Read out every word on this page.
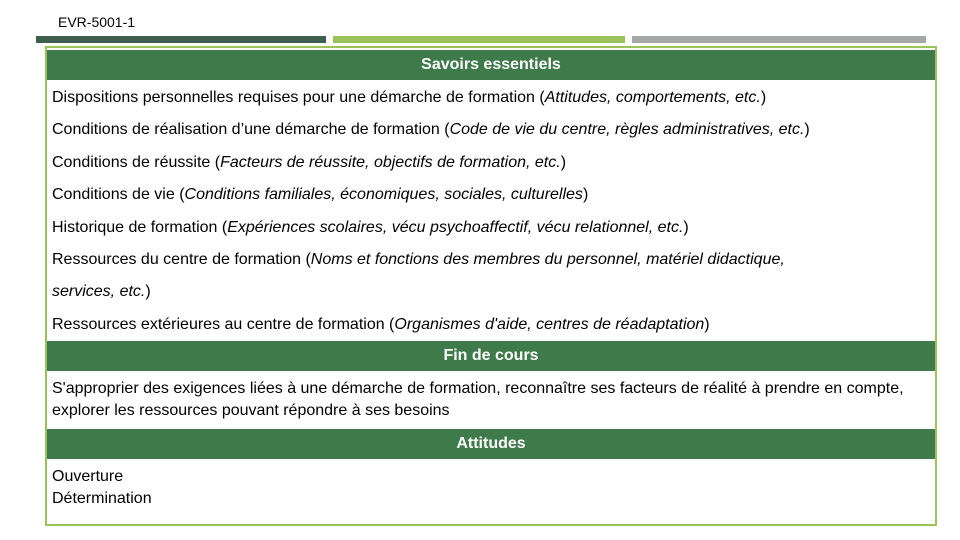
EVR-5001-1
Savoirs essentiels
Dispositions personnelles requises pour une démarche de formation (Attitudes, comportements, etc.)
Conditions de réalisation d’une démarche de formation (Code de vie du centre, règles administratives, etc.)
Conditions de réussite (Facteurs de réussite, objectifs de formation, etc.)
Conditions de vie (Conditions familiales, économiques, sociales, culturelles)
Historique de formation (Expériences scolaires, vécu psychoaffectif, vécu relationnel, etc.)
Ressources du centre de formation (Noms et fonctions des membres du personnel, matériel didactique,
services, etc.)
Ressources extérieures au centre de formation (Organismes d'aide, centres de réadaptation)
Fin de cours
S'approprier des exigences liées à une démarche de formation, reconnaître ses facteurs de réalité à prendre en compte, explorer les ressources pouvant répondre à ses besoins
Attitudes
Ouverture
Détermination
